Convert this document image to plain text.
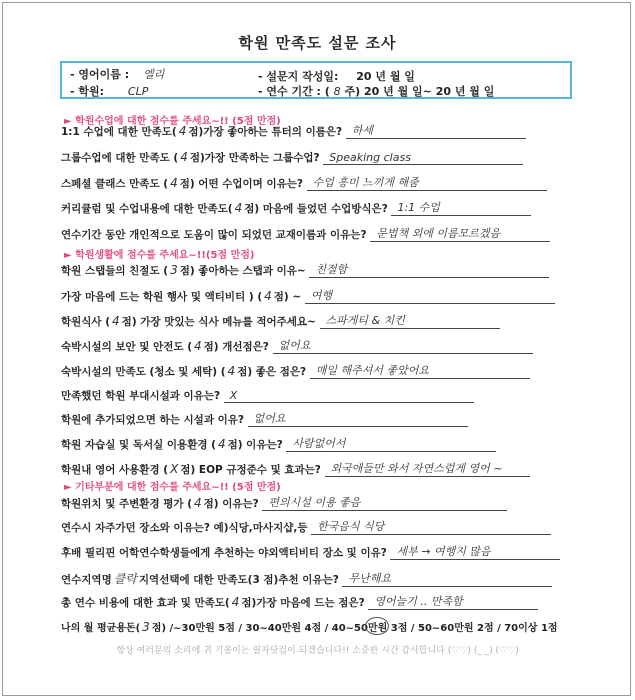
학원 만족도 설문 조사
- 영어이름 : 엘리	- 설문지 작성일: 20 년 월 일
- 학원: CLP	- 연수 기간 : ( 8 주) 20 년 월 일~ 20 년 월 일
► 학원수업에 대한 점수를 주세요~!! (5점 만점)
► 학원생활에 점수를 주세요~!!(5점 만점)
► 기타부분에 대한 점수를 주세요~!! (5점 만점)
1:1 수업에 대한 만족도( 4 점)가장 좋아하는 튜터의 이름은? 하세
그룹수업에 대한 만족도 ( 4 점)가장 만족하는 그룹수업? Speaking class
스페셜 클래스 만족도 ( 4 점) 어떤 수업이며 이유는? 수업 흥미 느끼게 해줌
커리큘럼 및 수업내용에 대한 만족도( 4 점) 마음에 들었던 수업방식은? 1:1 수업
연수기간 동안 개인적으로 도움이 많이 되었던 교재이름과 이유는? 문법책 외에 이름모르겠음
학원 스탭들의 친절도 ( 3 점) 좋아하는 스탭과 이유~ 친절함
가장 마음에 드는 학원 행사 및 액티비티 ) ( 4 점) ~ 여행
학원식사 ( 4 점) 가장 맛있는 식사 메뉴를 적어주세요~ 스파게티 & 치킨
숙박시설의 보안 및 안전도 ( 4 점) 개선점은? 없어요
숙박시설의 만족도 (청소 및 세탁) ( 4 점) 좋은 점은? 매일 해주셔서 좋았어요
만족했던 학원 부대시설과 이유는? X
학원에 추가되었으면 하는 시설과 이유? 없어요
학원 자습실 및 독서실 이용환경 ( 4 점) 이유는? 사람없어서
학원내 영어 사용환경 ( X 점) EOP 규정준수 및 효과는? 외국애들만 와서 자연스럽게 영어 ~
학원위치 및 주변환경 평가 ( 4 점) 이유는? 편의시설 이용 좋음
연수시 자주가던 장소와 이유는? 예)식당,마사지샵,등 한국음식 식당
후배 필리핀 어학연수학생들에게 추천하는 야외액티비티 장소 및 이유? 세부 → 여행지 많음
연수지역명 클락 지역선택에 대한 만족도(3 점)추천 이유는? 무난해요
총 연수 비용에 대한 효과 및 만족도( 4 점)가장 마음에 드는 점은? 영어늘기 .. 만족함
나의 월 평균용돈( 3 점) /~30만원 5점 / 30~40만원 4점 / 40~50만원 3점 / 50~60만원 2점 / 70이상 1점
항상 여러분의 소리에 귀 기울이는 필자닷컴이 되겠습니다!! 소중한 시간 감사합니다 (♡♡) (_ _) (♡♡)
